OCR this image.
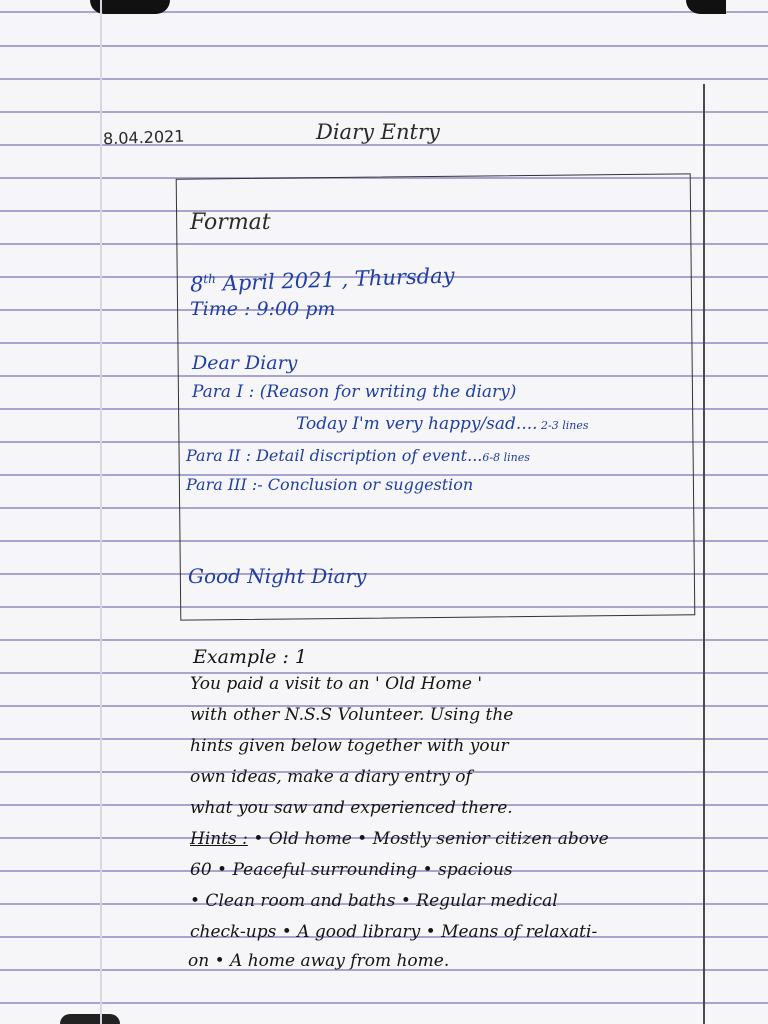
8.04.2021	Diary Entry
Format
8th April 2021 , Thursday
Time : 9:00 pm
Dear Diary
Para I : (Reason for writing the diary)
Today I'm very happy/sad.... 2-3 lines
Para II : Detail discription of event...6-8 lines
Para III :- Conclusion or suggestion
Good Night Diary
Example : 1
You paid a visit to an ' Old Home '
with other N.S.S Volunteer. Using the
hints given below together with your
own ideas, make a diary entry of
what you saw and experienced there.
Hints : • Old home • Mostly senior citizen above
60 • Peaceful surrounding • spacious
• Clean room and baths • Regular medical
check-ups • A good library • Means of relaxati-
on • A home away from home.
